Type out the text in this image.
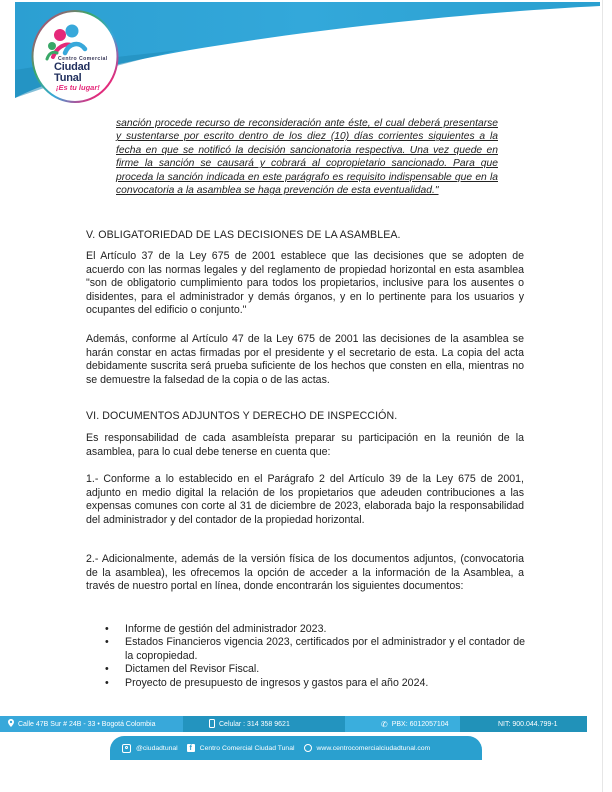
Centro Comercial
Ciudad Tunal
¡Es tu lugar!

sanción procede recurso de reconsideración ante éste, el cual deberá presentarse y sustentarse por escrito dentro de los diez (10) días corrientes siguientes a la fecha en que se notificó la decisión sancionatoria respectiva. Una vez quede en firme la sanción se causará y cobrará al copropietario sancionado. Para que proceda la sanción indicada en este parágrafo es requisito indispensable que en la convocatoria a la asamblea se haga prevención de esta eventualidad."

V. OBLIGATORIEDAD DE LAS DECISIONES DE LA ASAMBLEA.

El Artículo 37 de la Ley 675 de 2001 establece que las decisiones que se adopten de acuerdo con las normas legales y del reglamento de propiedad horizontal en esta asamblea "son de obligatorio cumplimiento para todos los propietarios, inclusive para los ausentes o disidentes, para el administrador y demás órganos, y en lo pertinente para los usuarios y ocupantes del edificio o conjunto."

Además, conforme al Artículo 47 de la Ley 675 de 2001 las decisiones de la asamblea se harán constar en actas firmadas por el presidente y el secretario de esta. La copia del acta debidamente suscrita será prueba suficiente de los hechos que consten en ella, mientras no se demuestre la falsedad de la copia o de las actas.

VI. DOCUMENTOS ADJUNTOS Y DERECHO DE INSPECCIÓN.

Es responsabilidad de cada asambleísta preparar su participación en la reunión de la asamblea, para lo cual debe tenerse en cuenta que:

1.- Conforme a lo establecido en el Parágrafo 2 del Artículo 39 de la Ley 675 de 2001, adjunto en medio digital la relación de los propietarios que adeuden contribuciones a las expensas comunes con corte al 31 de diciembre de 2023, elaborada bajo la responsabilidad del administrador y del contador de la propiedad horizontal.

2.- Adicionalmente, además de la versión física de los documentos adjuntos, (convocatoria de la asamblea), les ofrecemos la opción de acceder a la información de la Asamblea, a través de nuestro portal en línea, donde encontrarán los siguientes documentos:

• Informe de gestión del administrador 2023.
• Estados Financieros vigencia 2023, certificados por el administrador y el contador de la copropiedad.
• Dictamen del Revisor Fiscal.
• Proyecto de presupuesto de ingresos y gastos para el año 2024.
Calle 47B Sur # 24B - 33 • Bogotá Colombia	Celular : 314 358 9621	✆ PBX: 6012057104	NIT: 900.044.799-1
@ciudadtunal	f	Centro Comercial Ciudad Tunal	www.centrocomercialciudadtunal.com
